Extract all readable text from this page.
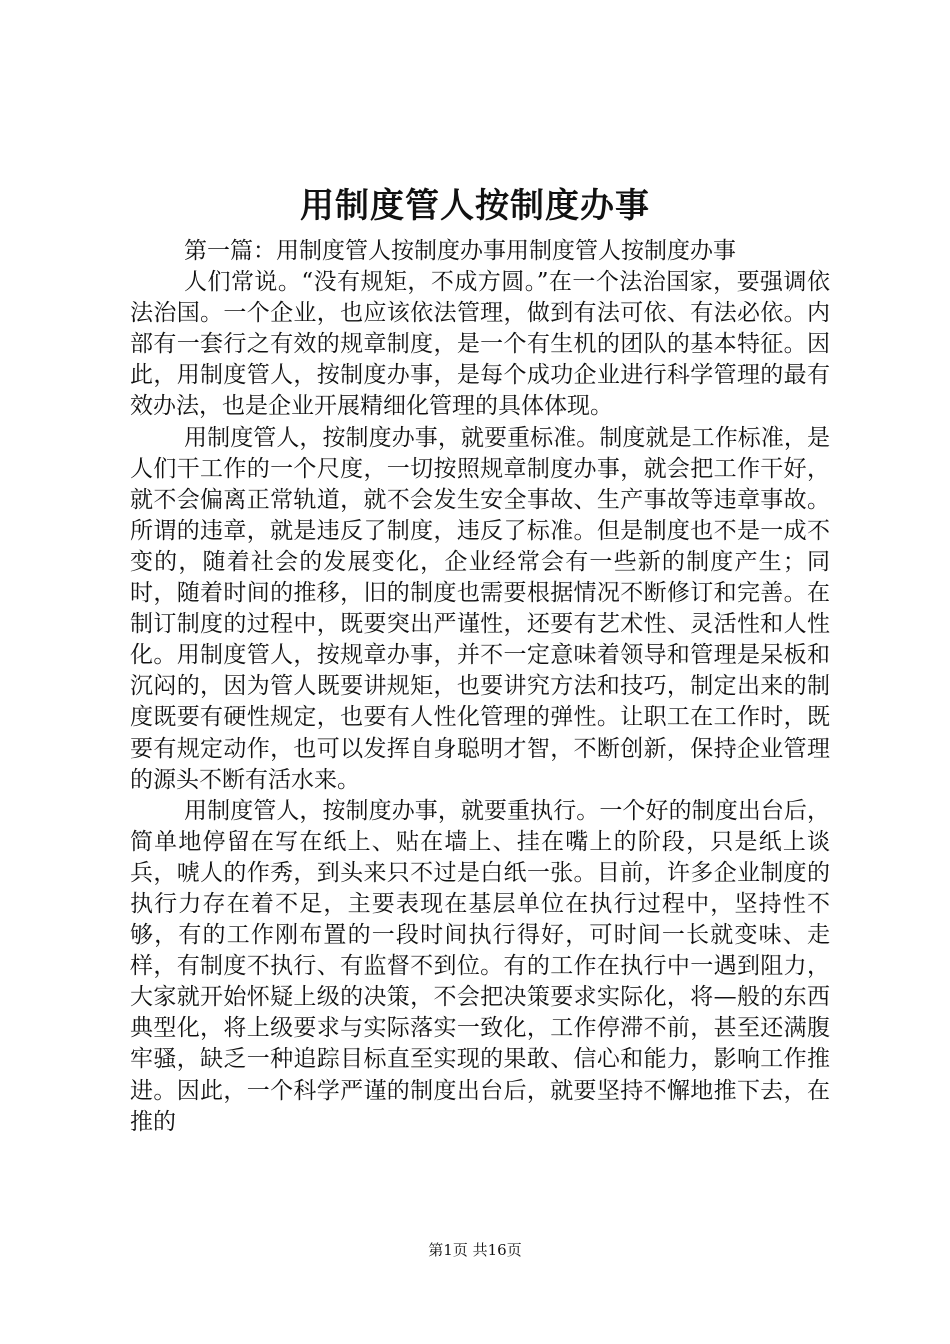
用制度管人按制度办事

第一篇：用制度管人按制度办事用制度管人按制度办事

人们常说。“没有规矩，不成方圆。”在一个法治国家，要强调依法治国。一个企业，也应该依法管理，做到有法可依、有法必依。内部有一套行之有效的规章制度，是一个有生机的团队的基本特征。因此，用制度管人，按制度办事，是每个成功企业进行科学管理的最有效办法，也是企业开展精细化管理的具体体现。

用制度管人，按制度办事，就要重标准。制度就是工作标准，是人们干工作的一个尺度，一切按照规章制度办事，就会把工作干好，就不会偏离正常轨道，就不会发生安全事故、生产事故等违章事故。所谓的违章，就是违反了制度，违反了标准。但是制度也不是一成不变的，随着社会的发展变化，企业经常会有一些新的制度产生；同时，随着时间的推移，旧的制度也需要根据情况不断修订和完善。在制订制度的过程中，既要突出严谨性，还要有艺术性、灵活性和人性化。用制度管人，按规章办事，并不一定意味着领导和管理是呆板和沉闷的，因为管人既要讲规矩，也要讲究方法和技巧，制定出来的制度既要有硬性规定，也要有人性化管理的弹性。让职工在工作时，既要有规定动作，也可以发挥自身聪明才智，不断创新，保持企业管理的源头不断有活水来。

用制度管人，按制度办事，就要重执行。一个好的制度出台后，简单地停留在写在纸上、贴在墙上、挂在嘴上的阶段，只是纸上谈兵，唬人的作秀，到头来只不过是白纸一张。目前，许多企业制度的执行力存在着不足，主要表现在基层单位在执行过程中，坚持性不够，有的工作刚布置的一段时间执行得好，可时间一长就变味、走样，有制度不执行、有监督不到位。有的工作在执行中一遇到阻力，大家就开始怀疑上级的决策，不会把决策要求实际化，将—般的东西典型化，将上级要求与实际落实一致化，工作停滞不前，甚至还满腹牢骚，缺乏一种追踪目标直至实现的果敢、信心和能力，影响工作推进。因此，一个科学严谨的制度出台后，就要坚持不懈地推下去，在推的

第1页 共16页
